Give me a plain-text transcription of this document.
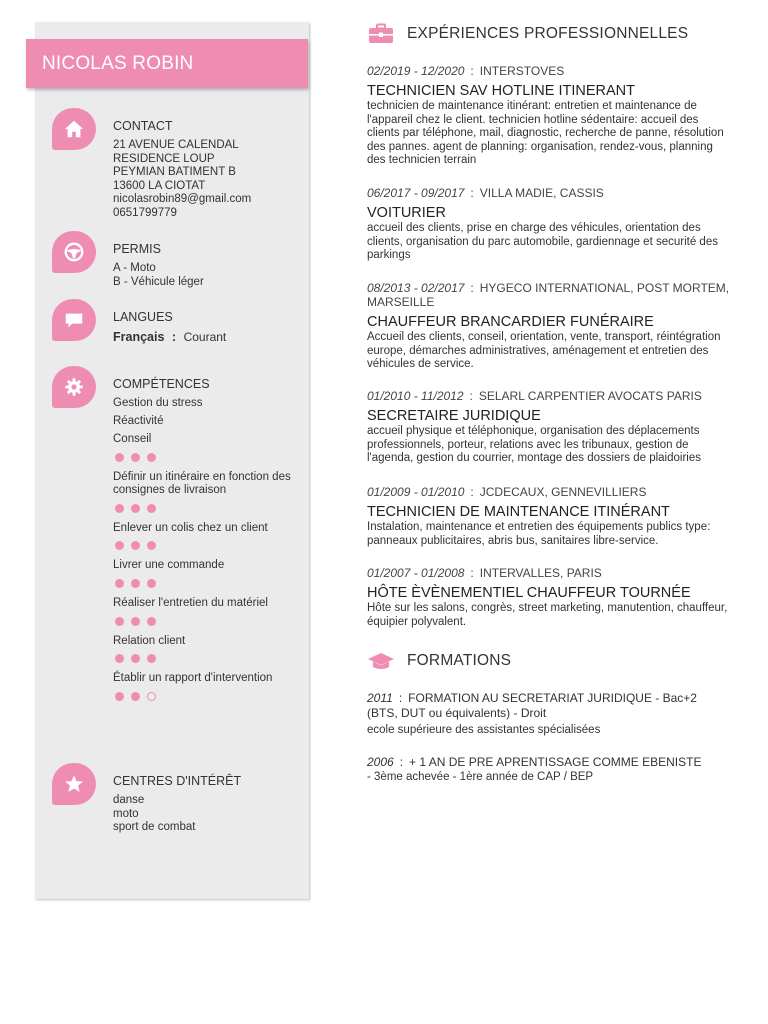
NICOLAS ROBIN
CONTACT
21 AVENUE CALENDAL
RESIDENCE LOUP
PEYMIAN BATIMENT B
13600 LA CIOTAT
nicolasrobin89@gmail.com
0651799779
PERMIS
A - Moto
B - Véhicule léger
LANGUES
Français : Courant
COMPÉTENCES
Gestion du stress
Réactivité
Conseil
Définir un itinéraire en fonction des consignes de livraison
Enlever un colis chez un client
Livrer une commande
Réaliser l'entretien du matériel
Relation client
Établir un rapport d'intervention
CENTRES D'INTÉRÊT
danse
moto
sport de combat
EXPÉRIENCES PROFESSIONNELLES
02/2019 - 12/2020 : INTERSTOVES
TECHNICIEN SAV HOTLINE ITINERANT
technicien de maintenance itinérant: entretien et maintenance de l'appareil chez le client. technicien hotline sédentaire: accueil des clients par téléphone, mail, diagnostic, recherche de panne, résolution des pannes. agent de planning: organisation, rendez-vous, planning des technicien terrain
06/2017 - 09/2017 : VILLA MADIE, CASSIS
VOITURIER
accueil des clients, prise en charge des véhicules, orientation des clients, organisation du parc automobile, gardiennage et securité des parkings
08/2013 - 02/2017 : HYGECO INTERNATIONAL, POST MORTEM, MARSEILLE
CHAUFFEUR BRANCARDIER FUNÉRAIRE
Accueil des clients, conseil, orientation, vente, transport, réintégration europe, démarches administratives, aménagement et entretien des véhicules de service.
01/2010 - 11/2012 : SELARL CARPENTIER AVOCATS PARIS
SECRETAIRE JURIDIQUE
accueil physique et téléphonique, organisation des déplacements professionnels, porteur, relations avec les tribunaux, gestion de l'agenda, gestion du courrier, montage des dossiers de plaidoiries
01/2009 - 01/2010 : JCDECAUX, GENNEVILLIERS
TECHNICIEN DE MAINTENANCE ITINÉRANT
Instalation, maintenance et entretien des équipements publics type: panneaux publicitaires, abris bus, sanitaires libre-service.
01/2007 - 01/2008 : INTERVALLES, PARIS
HÔTE ÈVÈNEMENTIEL CHAUFFEUR TOURNÉE
Hôte sur les salons, congrès, street marketing, manutention, chauffeur, équipier polyvalent.
FORMATIONS
2011 : FORMATION AU SECRETARIAT JURIDIQUE - Bac+2 (BTS, DUT ou équivalents) - Droit
ecole supérieure des assistantes spécialisées
2006 : + 1 AN DE PRE APRENTISSAGE COMME EBENISTE
- 3ème achevée - 1ère année de CAP / BEP
